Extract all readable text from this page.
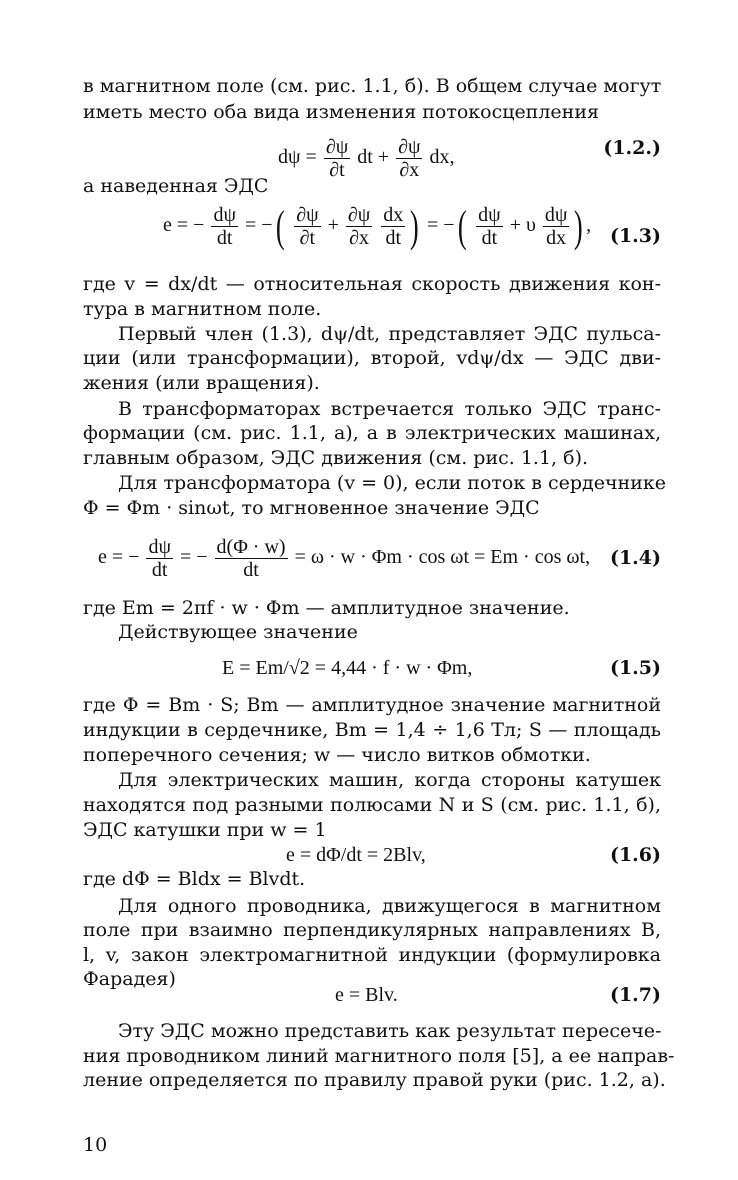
в магнитном поле (см. рис. 1.1, б). В общем случае могут
иметь место оба вида изменения потокосцепления
$d\psi = \frac{\partial\psi}{\partial t}$ dt + $\frac{\partial\psi}{\partial x}$ dx,	(1.2.)
а наведенная ЭДС
e = − $\frac{d\psi}{dt}$ = −( $\frac{\partial\psi}{\partial t} + \frac{\partial\psi}{\partial x}$
$\frac{dx}{dt}$ ) = −( $\frac{d\psi}{dt} + \upsilon \frac{d\psi}{dx}$ ) , (1.3)
где v = dx/dt — относительная скорость движения кон-
тура в магнитном поле.
Первый член (1.3), dψ/dt, представляет ЭДС пульса-
ции (или трансформации), второй, vdψ/dx — ЭДС дви-
жения (или вращения).
В трансформаторах встречается только ЭДС транс-
формации (см. рис. 1.1, а), а в электрических машинах,
главным образом, ЭДС движения (см. рис. 1.1, б).
Для трансформатора (v = 0), если поток в сердечнике
Φ = Φm · sinωt, то мгновенное значение ЭДС
e = − $\frac{d\psi}{dt}$ = − $\frac{d(\Phi \cdot w)}{dt} = \omega \cdot w \cdot \Phi m \cdot \cos \omega t = Em \cdot \cos \omega t$, (1.4)
где Em = 2πf · w · Φm — амплитудное значение.
Действующее значение
E = Em/√2 = 4,44 · f · w · Φm,	(1.5)
где Φ = Bm · S; Bm — амплитудное значение магнитной
индукции в сердечнике, Bm = 1,4 ÷ 1,6 Тл; S — площадь
поперечного сечения; w — число витков обмотки.
Для электрических машин, когда стороны катушек
находятся под разными полюсами N и S (см. рис. 1.1, б),
ЭДС катушки при w = 1
e = dΦ/dt = 2Blv,	(1.6)
где dΦ = Bldx = Blvdt.
Для одного проводника, движущегося в магнитном
поле при взаимно перпендикулярных направлениях B,
l, v, закон электромагнитной индукции (формулировка
Фарадея)
e = Blv.	(1.7)
Эту ЭДС можно представить как результат пересече-
ния проводником линий магнитного поля [5], а ее направ-
ление определяется по правилу правой руки (рис. 1.2, а).
10
